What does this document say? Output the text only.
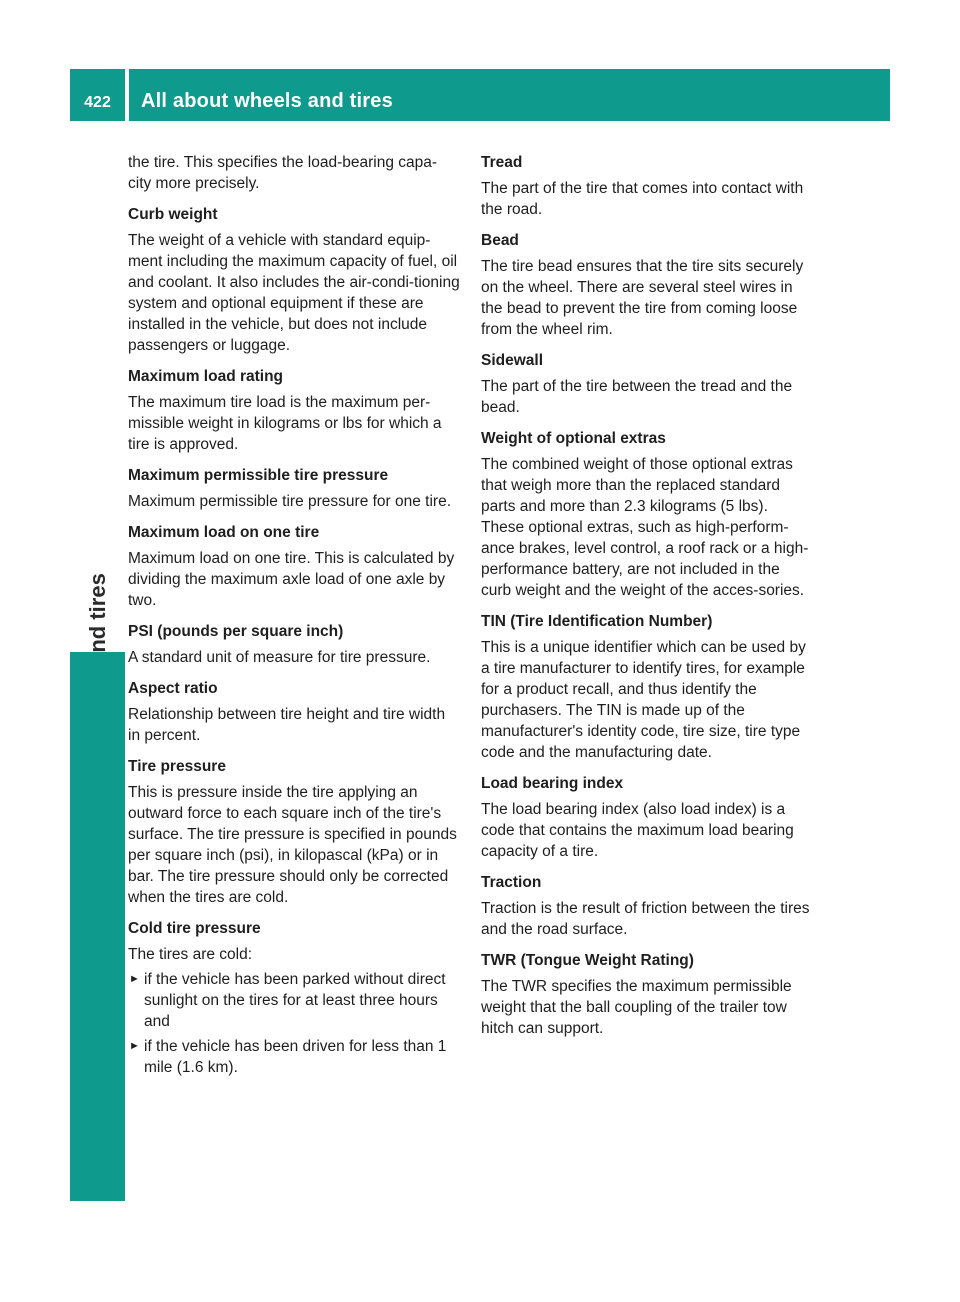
422 All about wheels and tires

the tire. This specifies the load-bearing capa-city more precisely.

Curb weight

The weight of a vehicle with standard equip-ment including the maximum capacity of fuel, oil and coolant. It also includes the air-condi-tioning system and optional equipment if these are installed in the vehicle, but does not include passengers or luggage.

Maximum load rating

The maximum tire load is the maximum per-missible weight in kilograms or lbs for which a tire is approved.

Maximum permissible tire pressure

Maximum permissible tire pressure for one tire.

Maximum load on one tire

Maximum load on one tire. This is calculated by dividing the maximum axle load of one axle by two.

PSI (pounds per square inch)

A standard unit of measure for tire pressure.

Aspect ratio

Relationship between tire height and tire width in percent.

Tire pressure

This is pressure inside the tire applying an outward force to each square inch of the tire's surface. The tire pressure is specified in pounds per square inch (psi), in kilopascal (kPa) or in bar. The tire pressure should only be corrected when the tires are cold.

Cold tire pressure

The tires are cold:

► if the vehicle has been parked without direct sunlight on the tires for at least three hours and
► if the vehicle has been driven for less than 1 mile (1.6 km).
Tread

The part of the tire that comes into contact with the road.

Bead

The tire bead ensures that the tire sits securely on the wheel. There are several steel wires in the bead to prevent the tire from coming loose from the wheel rim.

Sidewall

The part of the tire between the tread and the bead.

Weight of optional extras

The combined weight of those optional extras that weigh more than the replaced standard parts and more than 2.3 kilograms (5 lbs). These optional extras, such as high-perform-ance brakes, level control, a roof rack or a high-performance battery, are not included in the curb weight and the weight of the acces-sories.

TIN (Tire Identification Number)

This is a unique identifier which can be used by a tire manufacturer to identify tires, for example for a product recall, and thus identify the purchasers. The TIN is made up of the manufacturer's identity code, tire size, tire type code and the manufacturing date.

Load bearing index

The load bearing index (also load index) is a code that contains the maximum load bearing capacity of a tire.

Traction

Traction is the result of friction between the tires and the road surface.

TWR (Tongue Weight Rating)

The TWR specifies the maximum permissible weight that the ball coupling of the trailer tow hitch can support.
